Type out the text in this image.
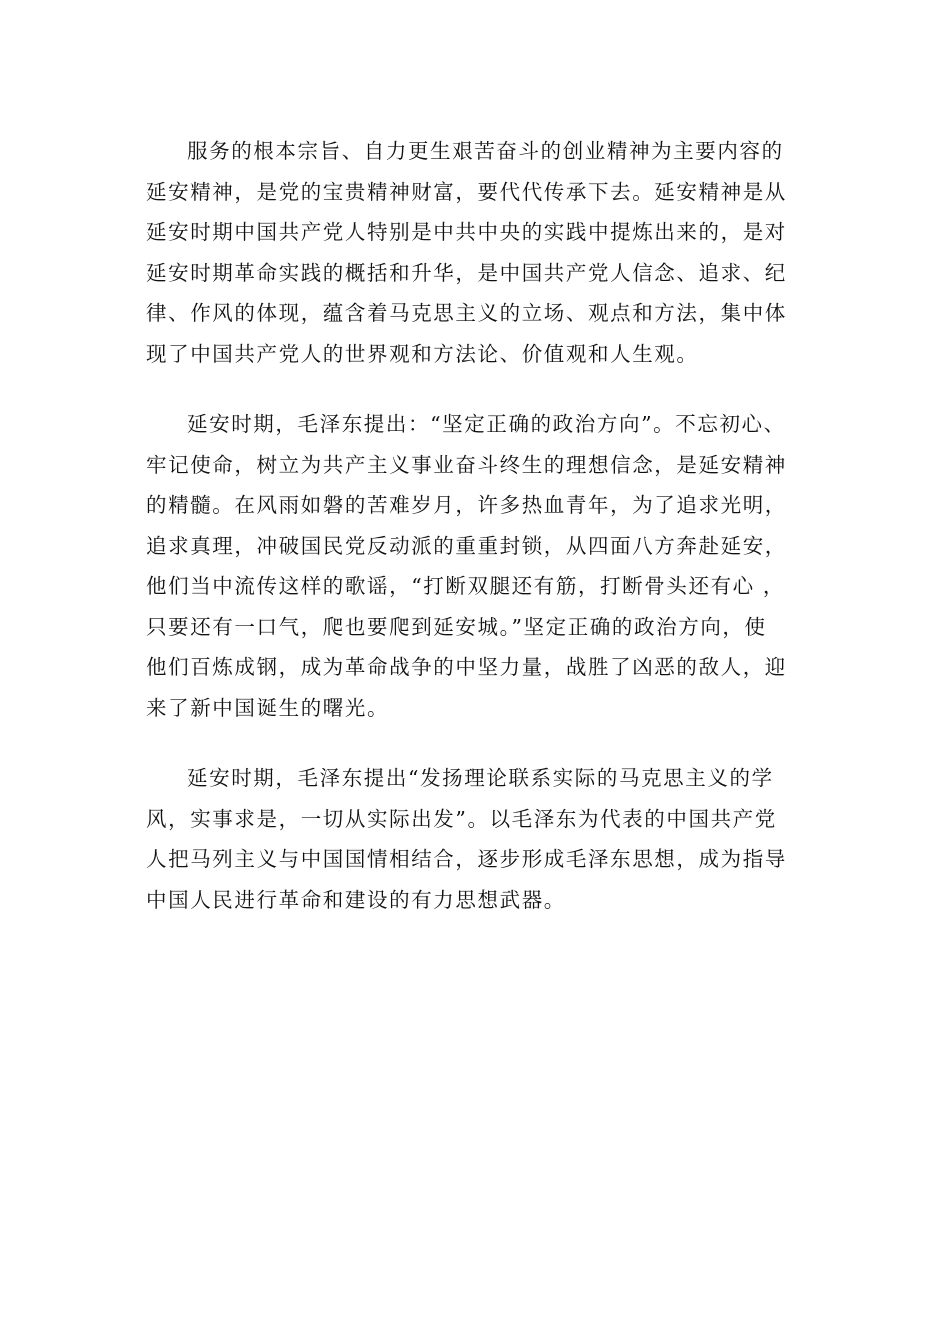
服务的根本宗旨、自力更生艰苦奋斗的创业精神为主要内容的
延安精神，是党的宝贵精神财富，要代代传承下去。延安精神是从
延安时期中国共产党人特别是中共中央的实践中提炼出来的，是对
延安时期革命实践的概括和升华，是中国共产党人信念、追求、纪
律、作风的体现，蕴含着马克思主义的立场、观点和方法，集中体
现了中国共产党人的世界观和方法论、价值观和人生观。

延安时期，毛泽东提出：“坚定正确的政治方向”。不忘初心、
牢记使命，树立为共产主义事业奋斗终生的理想信念，是延安精神
的精髓。在风雨如磐的苦难岁月，许多热血青年，为了追求光明，
追求真理，冲破国民党反动派的重重封锁，从四面八方奔赴延安，
他们当中流传这样的歌谣，“打断双腿还有筋，打断骨头还有心 ，
只要还有一口气，爬也要爬到延安城。”坚定正确的政治方向，使
他们百炼成钢，成为革命战争的中坚力量，战胜了凶恶的敌人，迎
来了新中国诞生的曙光。

延安时期，毛泽东提出“发扬理论联系实际的马克思主义的学
风，实事求是，一切从实际出发”。以毛泽东为代表的中国共产党
人把马列主义与中国国情相结合，逐步形成毛泽东思想，成为指导
中国人民进行革命和建设的有力思想武器。
